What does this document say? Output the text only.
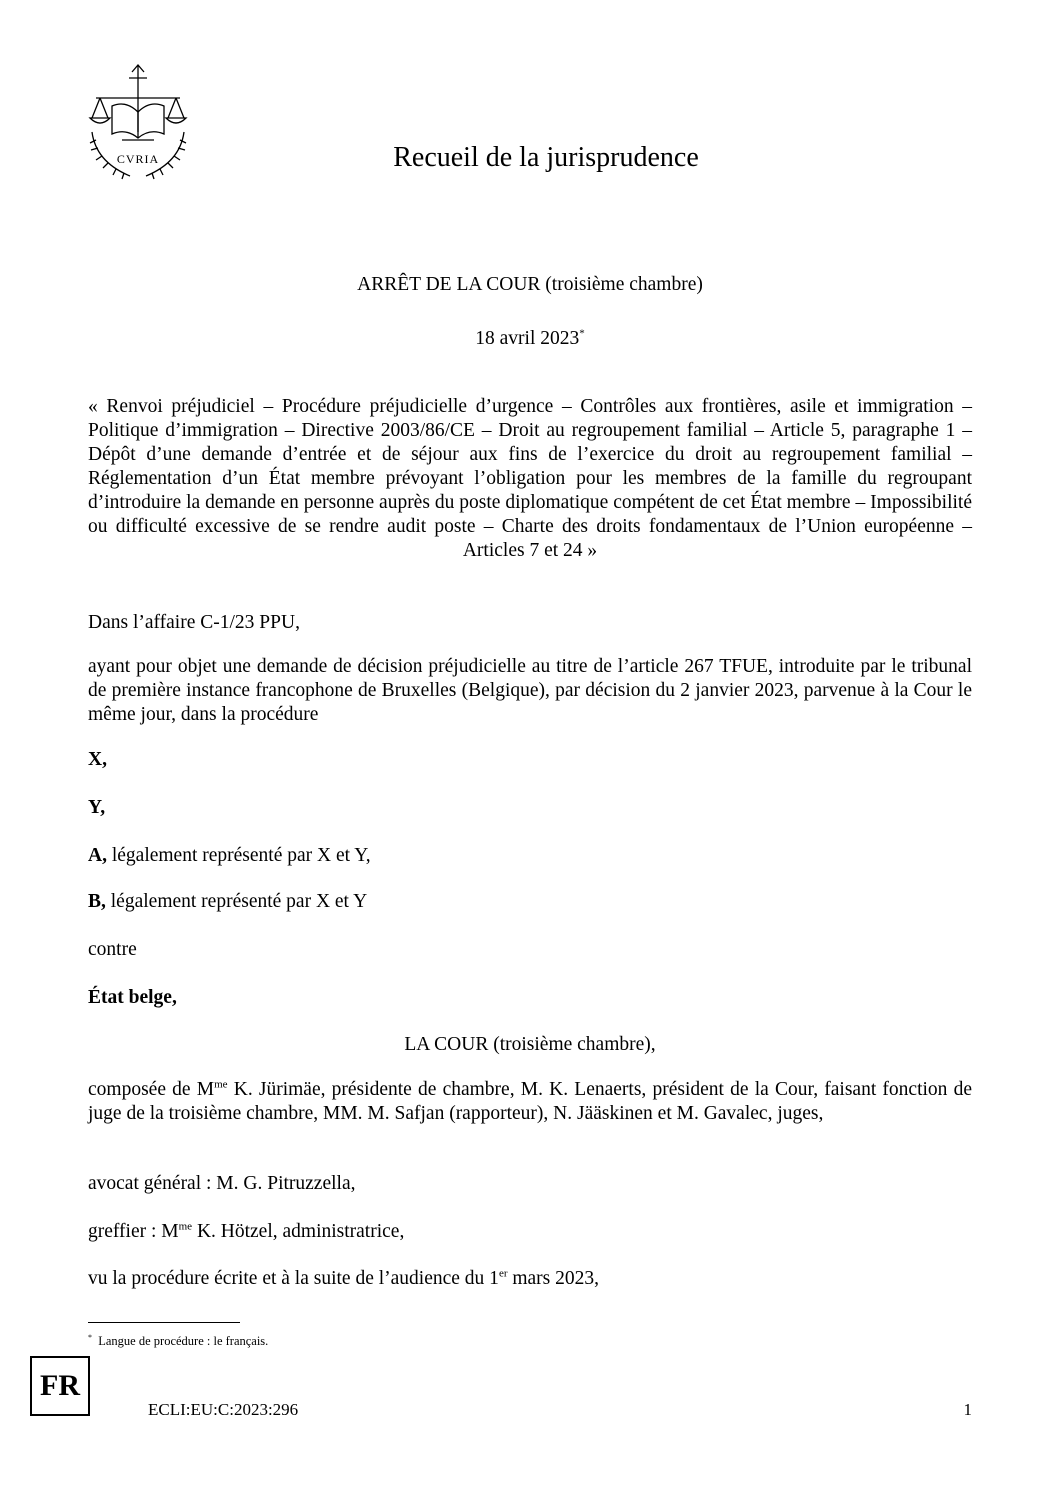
CVRIA	Recueil de la jurisprudence
ARRÊT DE LA COUR (troisième chambre)
18 avril 2023*
« Renvoi préjudiciel – Procédure préjudicielle d’urgence – Contrôles aux frontières, asile et immigration – Politique d’immigration – Directive 2003/86/CE – Droit au regroupement familial – Article 5, paragraphe 1 – Dépôt d’une demande d’entrée et de séjour aux fins de l’exercice du droit au regroupement familial – Réglementation d’un État membre prévoyant l’obligation pour les membres de la famille du regroupant d’introduire la demande en personne auprès du poste diplomatique compétent de cet État membre – Impossibilité ou difficulté excessive de se rendre audit poste – Charte des droits fondamentaux de l’Union européenne – Articles 7 et 24 »
Dans l’affaire C-1/23 PPU,
ayant pour objet une demande de décision préjudicielle au titre de l’article 267 TFUE, introduite par le tribunal de première instance francophone de Bruxelles (Belgique), par décision du 2 janvier 2023, parvenue à la Cour le même jour, dans la procédure
X,
Y,
A, légalement représenté par X et Y,
B, légalement représenté par X et Y
contre
État belge,
LA COUR (troisième chambre),
composée de $M^{me}$ K. Jürimäe, présidente de chambre, M. K. Lenaerts, président de la Cour, faisant fonction de juge de la troisième chambre, MM. M. Safjan (rapporteur), N. Jääskinen et M. Gavalec, juges,
avocat général : M. G. Pitruzzella,
greffier : $M^{me}$ K. Hötzel, administratrice,
vu la procédure écrite et à la suite de l’audience du 1er mars 2023,
* Langue de procédure : le français.
FR
ECLI:EU:C:2023:296	1
